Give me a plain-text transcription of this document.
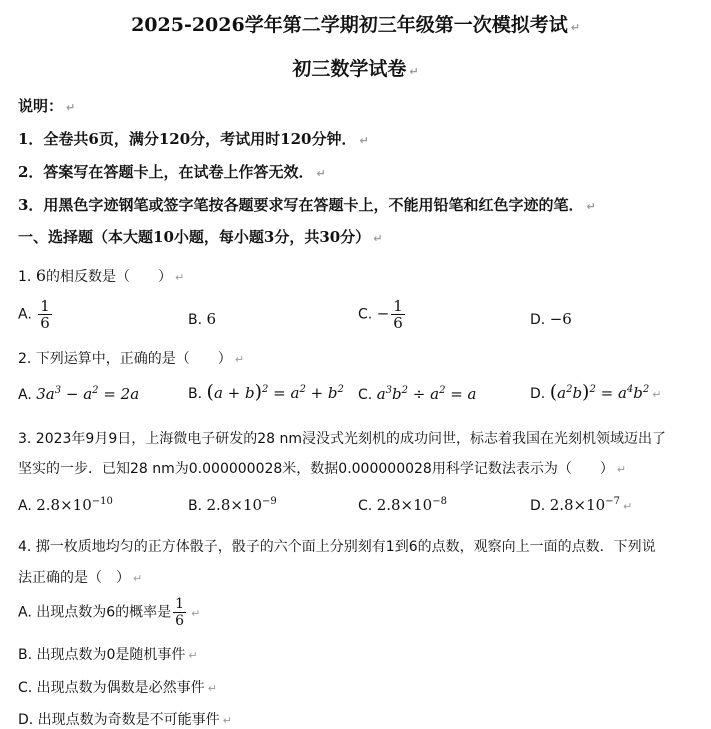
2025-2026学年第二学期初三年级第一次模拟考试 ↵
初三数学试卷 ↵
说明： ↵
1．全卷共6页，满分120分，考试用时120分钟． ↵
2．答案写在答题卡上，在试卷上作答无效． ↵
3．用黑色字迹钢笔或签字笔按各题要求写在答题卡上，不能用铅笔和红色字迹的笔． ↵
一、选择题（本大题10小题，每小题3分，共30分） ↵
1. 6的相反数是（　　） ↵
A. $\frac{1}{6}$	B. 6	C. − $\frac{1}{6}$	D. −6
2. 下列运算中，正确的是（　　） ↵
A. $3a^3 - a^2 = 2a$	B. $(a + b)^2 = a^2 + b^2$ C. $a^3b^2 \div a^2 = a$	D. $(a^2b)^2 = a^4b^2$ ↵
3. 2023年9月9日，上海微电子研发的28 nm浸没式光刻机的成功问世，标志着我国在光刻机领域迈出了
坚实的一步．已知28 nm为0.000000028米，数据0.000000028用科学记数法表示为（　　） ↵
A. $2.8\times 10^{-10}$	B. $2.8\times 10^{-9}$	C. $2.8\times 10^{-8}$	D. $2.8\times 10^{-7}$ ↵
4. 掷一枚质地均匀的正方体骰子，骰子的六个面上分别刻有1到6的点数，观察向上一面的点数．下列说
法正确的是（　） ↵
A. 出现点数为6的概率是 $\frac{1}{6}$ ↵
B. 出现点数为0是随机事件 ↵
C. 出现点数为偶数是必然事件 ↵
D. 出现点数为奇数是不可能事件 ↵
